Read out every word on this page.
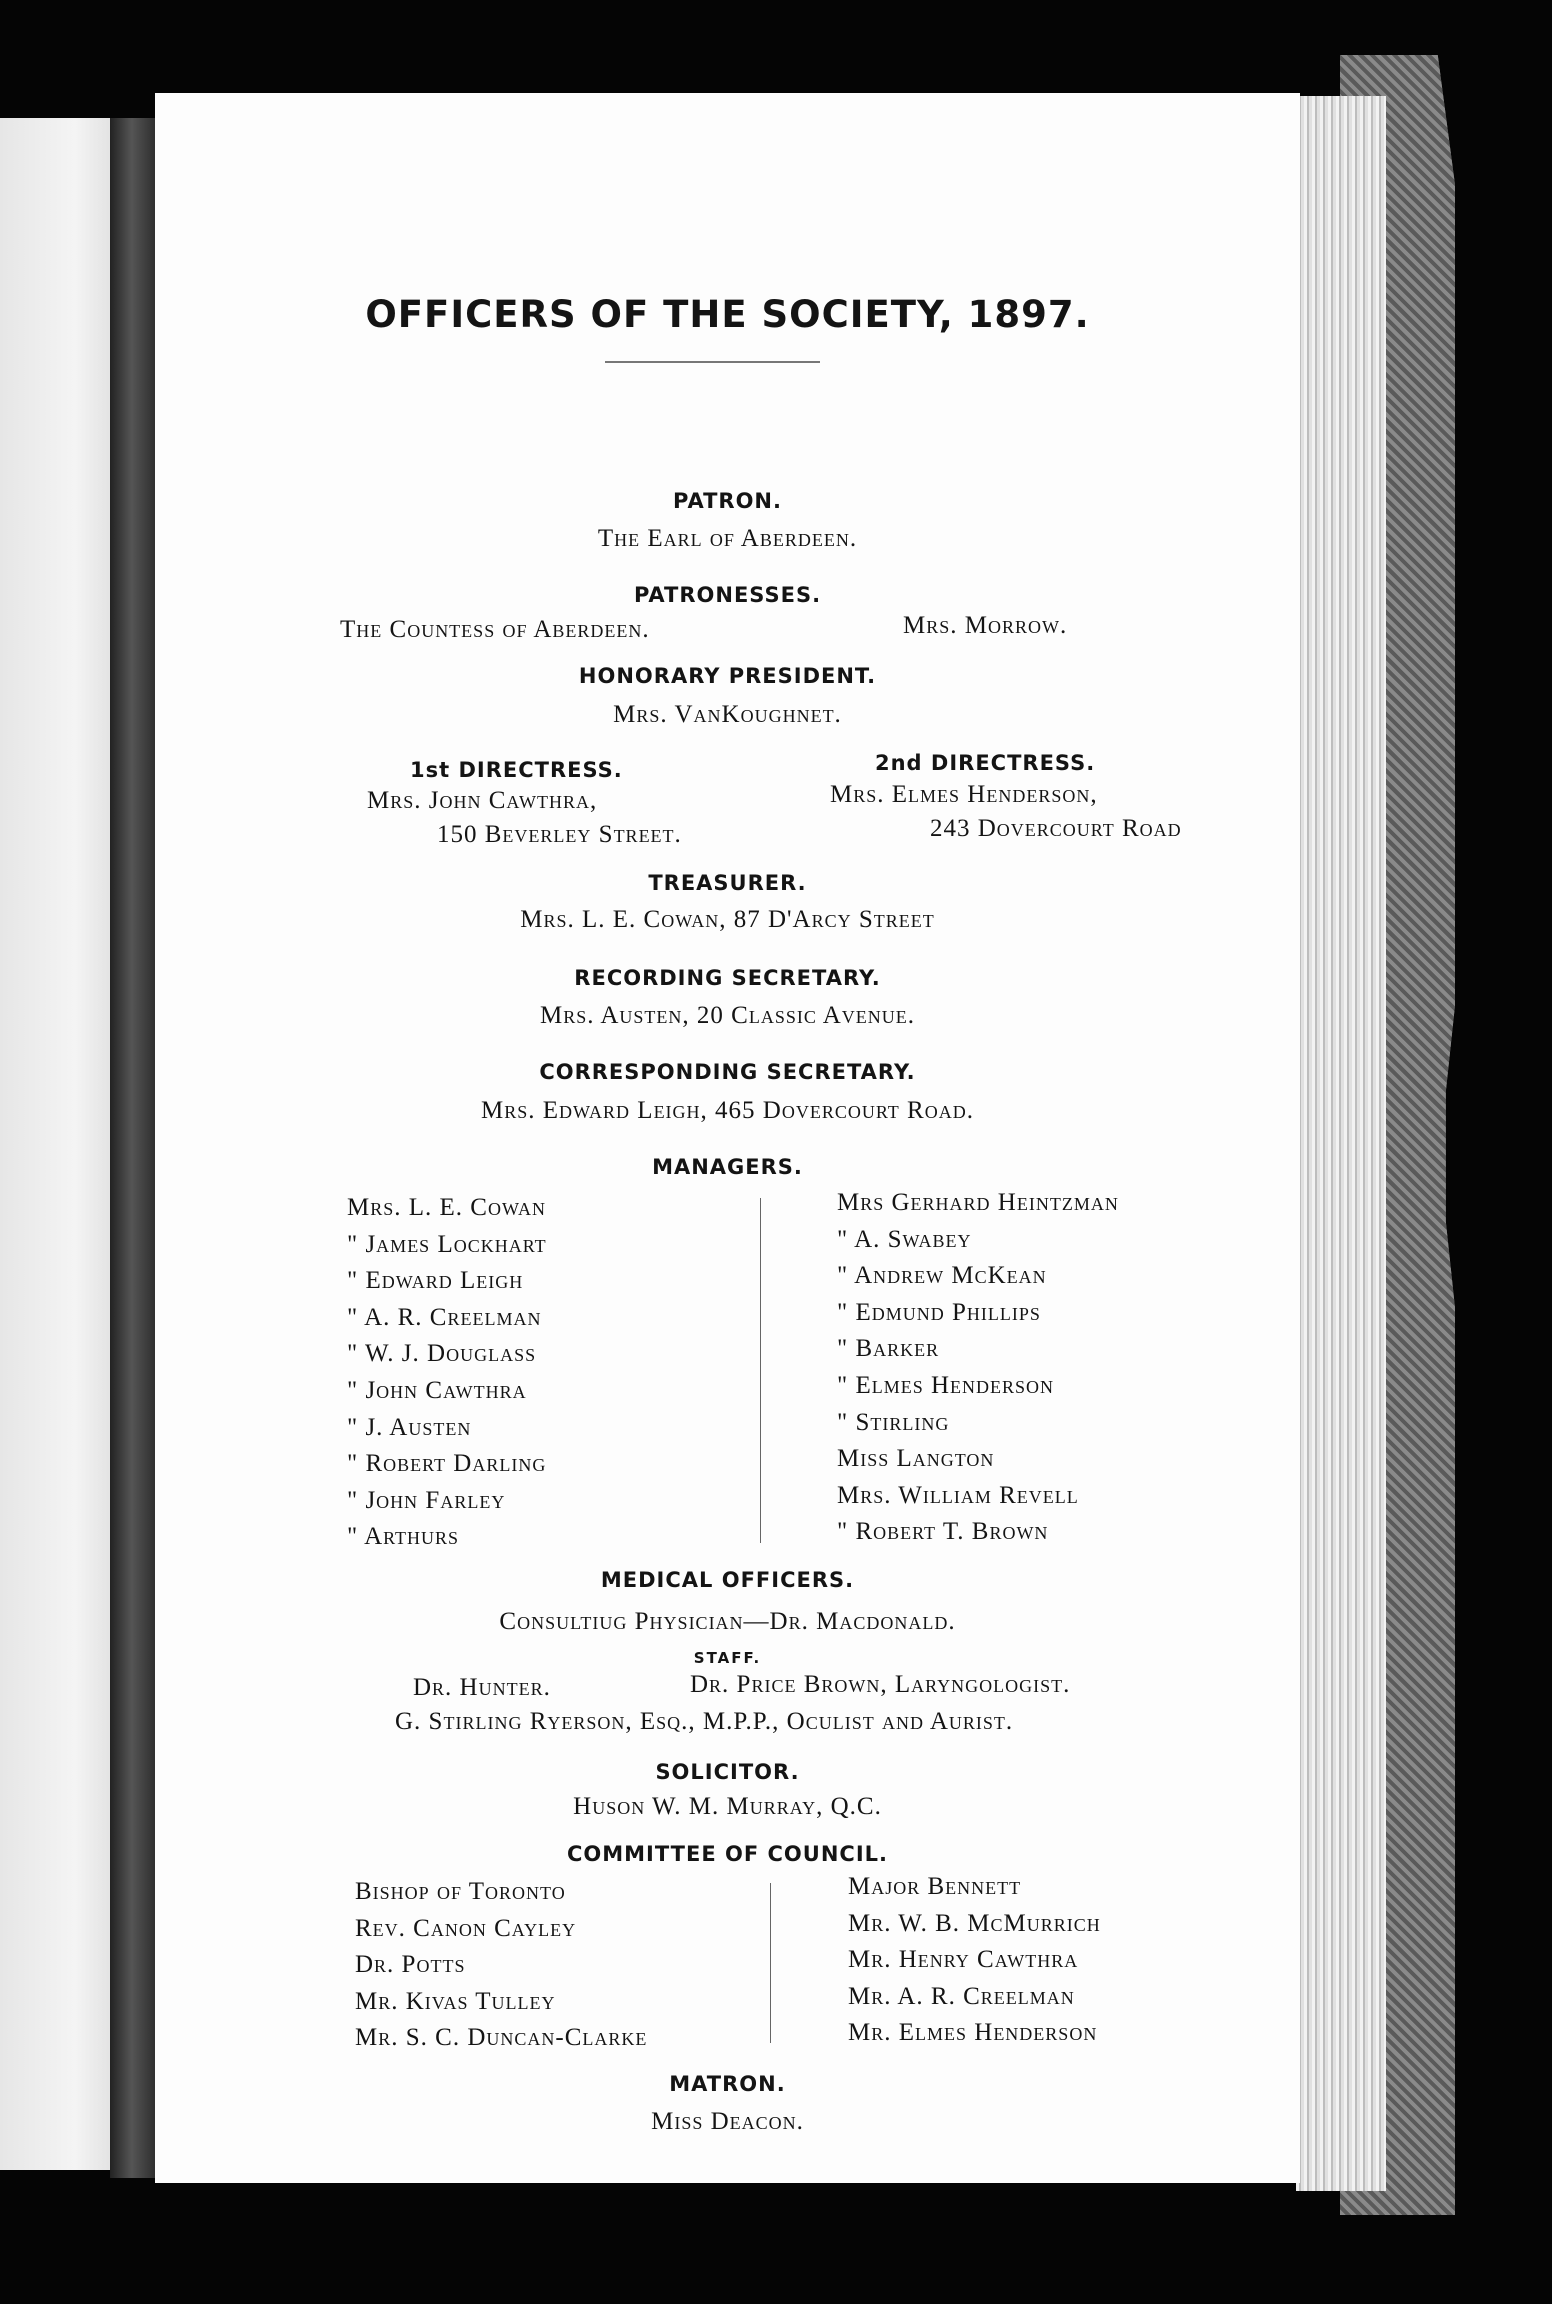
OFFICERS OF THE SOCIETY, 1897.
PATRON.
The Earl of Aberdeen.
PATRONESSES.
The Countess of Aberdeen.	Mrs. Morrow.
HONORARY PRESIDENT.
Mrs. VanKoughnet.
1st DIRECTRESS.
Mrs. John Cawthra,
150 Beverley Street.
2nd DIRECTRESS.
Mrs. Elmes Henderson,
243 Dovercourt Road
TREASURER.
Mrs. L. E. Cowan, 87 D'Arcy Street
RECORDING SECRETARY.
Mrs. Austen, 20 Classic Avenue.
CORRESPONDING SECRETARY.
Mrs. Edward Leigh, 465 Dovercourt Road.
MANAGERS.
Mrs. L. E. Cowan
" James Lockhart
" Edward Leigh
" A. R. Creelman
" W. J. Douglass
" John Cawthra
" J. Austen
" Robert Darling
" John Farley
" Arthurs
Mrs Gerhard Heintzman
" A. Swabey
" Andrew McKean
" Edmund Phillips
" Barker
" Elmes Henderson
" Stirling
Miss Langton
Mrs. William Revell
" Robert T. Brown
MEDICAL OFFICERS.
Consultiug Physician—Dr. Macdonald.
STAFF.
Dr. Hunter.	Dr. Price Brown, Laryngologist.
G. Stirling Ryerson, Esq., M.P.P., Oculist and Aurist.
SOLICITOR.
Huson W. M. Murray, Q.C.
COMMITTEE OF COUNCIL.
Bishop of Toronto
Rev. Canon Cayley
Dr. Potts
Mr. Kivas Tulley
Mr. S. C. Duncan-Clarke
Major Bennett
Mr. W. B. McMurrich
Mr. Henry Cawthra
Mr. A. R. Creelman
Mr. Elmes Henderson
MATRON.
Miss Deacon.
